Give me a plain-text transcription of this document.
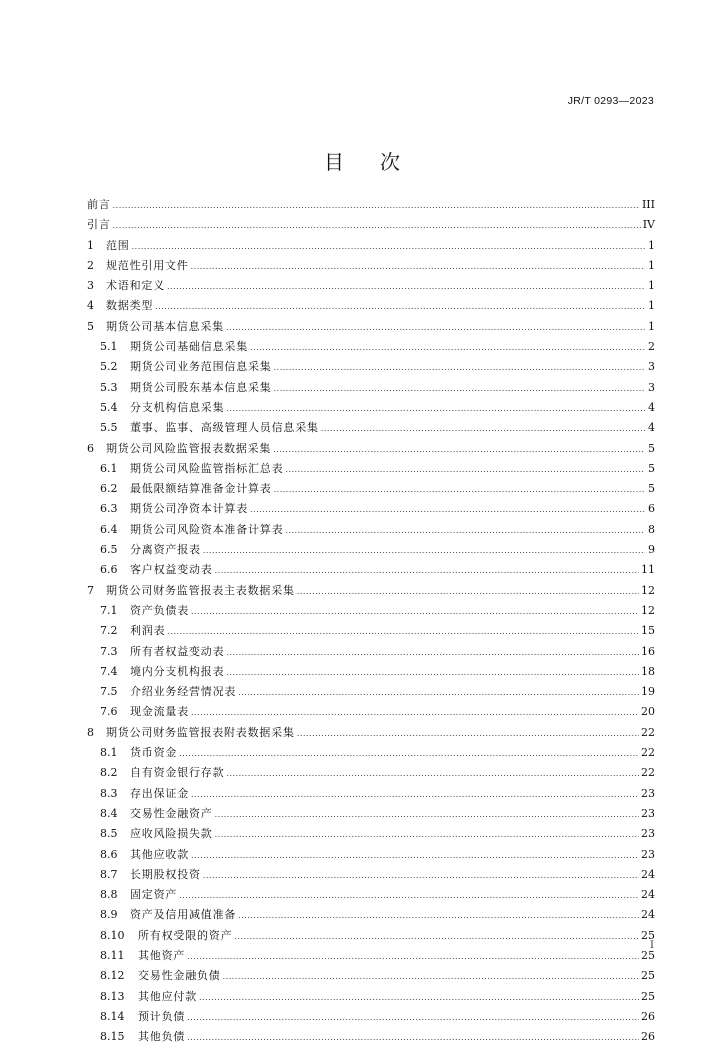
JR/T 0293—2023
目次
前言 .....	III
引言 .....	IV
1	范围 .....	1
2	规范性引用文件 .....	1
3	术语和定义 .....	1
4	数据类型 .....	1
5	期货公司基本信息采集 .....	1
5.1	期货公司基础信息采集 .....	2
5.2	期货公司业务范围信息采集 .....	3
5.3	期货公司股东基本信息采集 .....	3
5.4	分支机构信息采集 .....	4
5.5	董事、监事、高级管理人员信息采集 .....	4
6	期货公司风险监管报表数据采集 .....	5
6.1	期货公司风险监管指标汇总表 .....	5
6.2	最低限额结算准备金计算表 .....	5
6.3	期货公司净资本计算表 .....	6
6.4	期货公司风险资本准备计算表 .....	8
6.5	分离资产报表 .....	9
6.6	客户权益变动表 .....	11
7	期货公司财务监管报表主表数据采集 .....	12
7.1	资产负债表 .....	12
7.2	利润表 .....	15
7.3	所有者权益变动表 .....	16
7.4	境内分支机构报表 .....	18
7.5	介绍业务经营情况表 .....	19
7.6	现金流量表 .....	20
8	期货公司财务监管报表附表数据采集 .....	22
8.1	货币资金 .....	22
8.2	自有资金银行存款 .....	22
8.3	存出保证金 .....	23
8.4	交易性金融资产 .....	23
8.5	应收风险损失款 .....	23
8.6	其他应收款 .....	23
8.7	长期股权投资 .....	24
8.8	固定资产 .....	24
8.9	资产及信用减值准备 .....	24
8.10	所有权受限的资产 .....	25
8.11	其他资产 .....	25
8.12	交易性金融负债 .....	25
8.13	其他应付款 .....	25
8.14	预计负债 .....	26
8.15	其他负债 .....	26
I
